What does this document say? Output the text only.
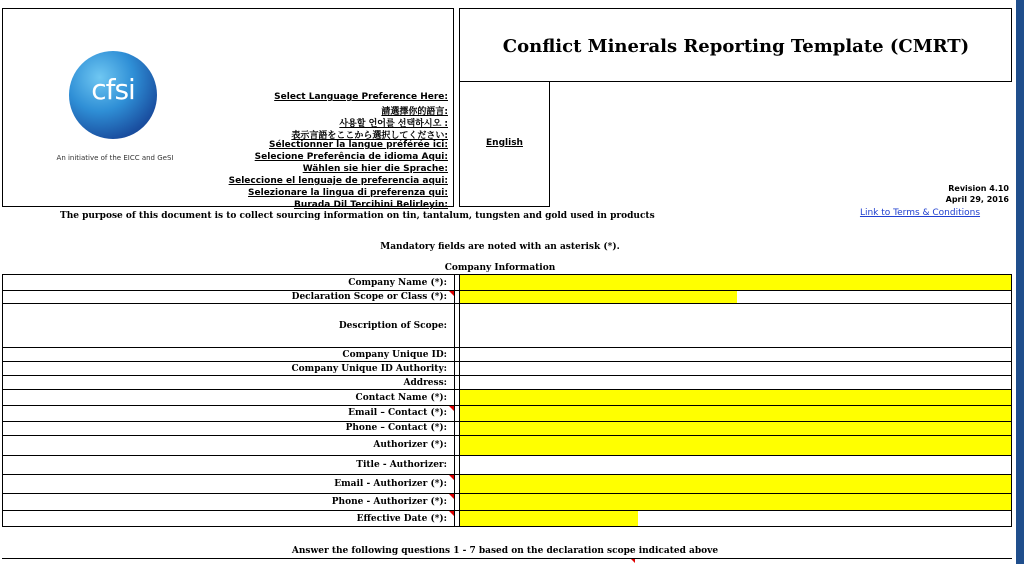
cfsi
An initiative of the EICC and GeSI
Select Language Preference Here:
請選擇你的語言:
사용할 언어를 선택하시오 :
表示言語をここから選択してください:
Sélectionner la langue préférée ici:
Selecione Preferência de idioma Aqui:
Wählen sie hier die Sprache:
Seleccione el lenguaje de preferencia aqui:
Selezionare la lingua di preferenza qui:
Burada Dil Tercihini Belirleyin:
Conflict Minerals Reporting Template (CMRT)
English
Revision 4.10
April 29, 2016
Link to Terms & Conditions
The purpose of this document is to collect sourcing information on tin, tantalum, tungsten and gold used in products
Mandatory fields are noted with an asterisk (*).
Company Information
Company Name (*):
Declaration Scope or Class (*):
Description of Scope:
Company Unique ID:
Company Unique ID Authority:
Address:
Contact Name (*):
Email – Contact (*):
Phone – Contact (*):
Authorizer (*):
Title - Authorizer:
Email - Authorizer (*):
Phone - Authorizer (*):
Effective Date (*):
Answer the following questions 1 - 7 based on the declaration scope indicated above
